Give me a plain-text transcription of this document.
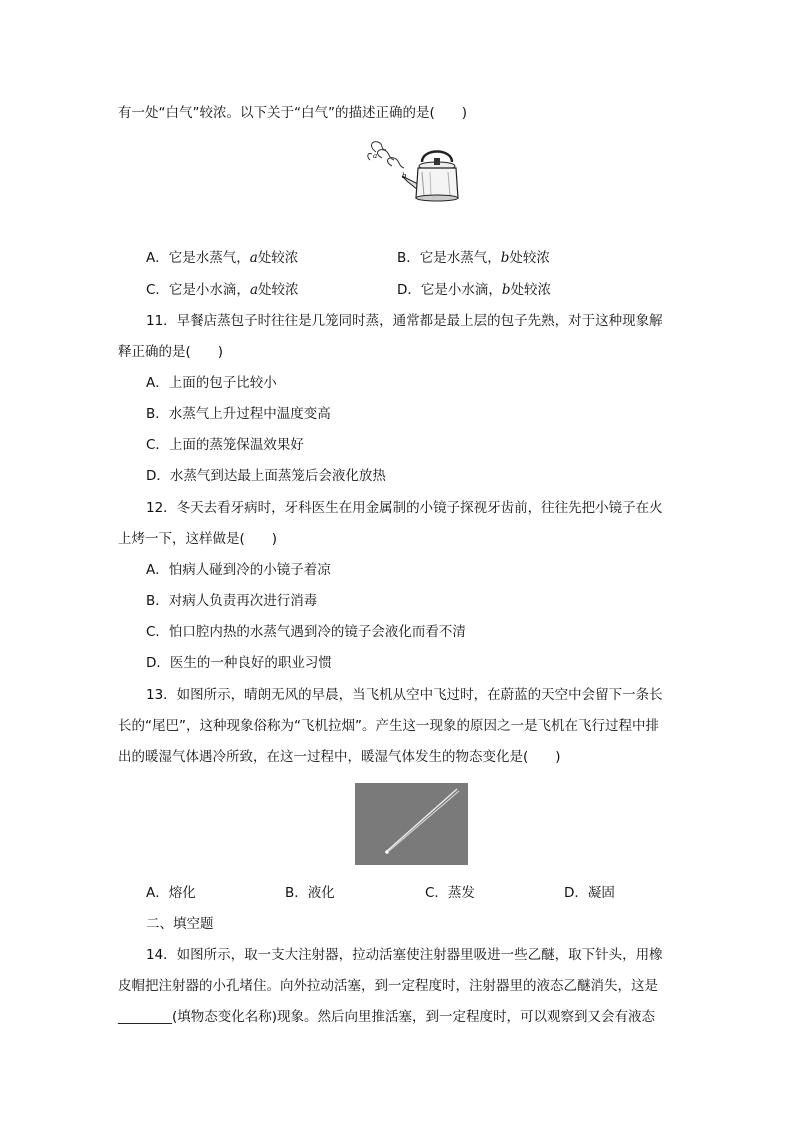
有一处“白气”较浓。以下关于“白气”的描述正确的是(　　)
a
b
A．它是水蒸气，a处较浓	B．它是水蒸气，b处较浓
C．它是小水滴，a处较浓	D．它是小水滴，b处较浓
11．早餐店蒸包子时往往是几笼同时蒸，通常都是最上层的包子先熟，对于这种现象解
释正确的是(　　)
A．上面的包子比较小
B．水蒸气上升过程中温度变高
C．上面的蒸笼保温效果好
D．水蒸气到达最上面蒸笼后会液化放热
12．冬天去看牙病时，牙科医生在用金属制的小镜子探视牙齿前，往往先把小镜子在火
上烤一下，这样做是(　　)
A．怕病人碰到冷的小镜子着凉
B．对病人负责再次进行消毒
C．怕口腔内热的水蒸气遇到冷的镜子会液化而看不清
D．医生的一种良好的职业习惯
13．如图所示，晴朗无风的早晨，当飞机从空中飞过时，在蔚蓝的天空中会留下一条长
长的“尾巴”，这种现象俗称为“飞机拉烟”。产生这一现象的原因之一是飞机在飞行过程中排
出的暖湿气体遇冷所致，在这一过程中，暖湿气体发生的物态变化是(　　)
A．熔化	B．液化	C．蒸发	D．凝固
二、填空题
14．如图所示，取一支大注射器，拉动活塞使注射器里吸进一些乙醚，取下针头，用橡
皮帽把注射器的小孔堵住。向外拉动活塞，到一定程度时，注射器里的液态乙醚消失，这是
________(填物态变化名称)现象。然后向里推活塞，到一定程度时，可以观察到又会有液态
